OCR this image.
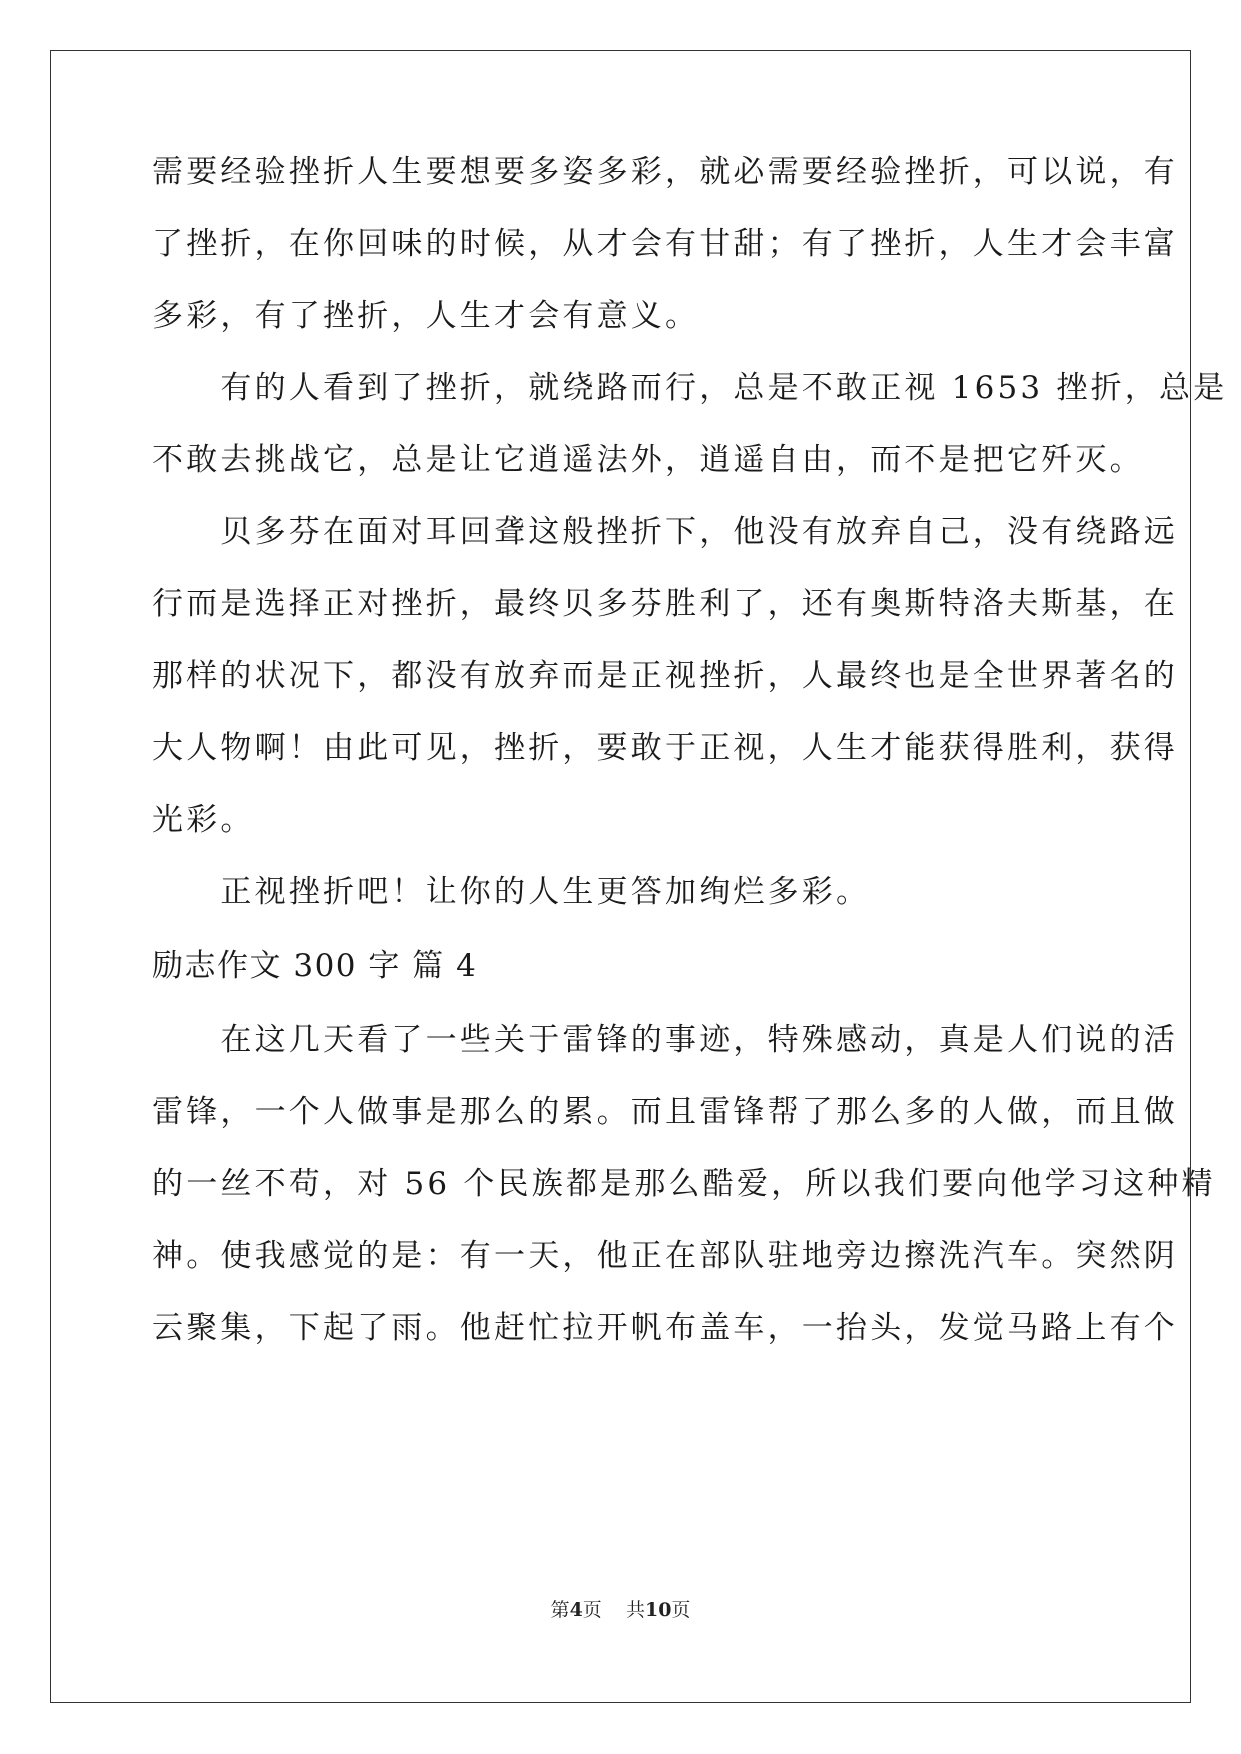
需要经验挫折人生要想要多姿多彩，就必需要经验挫折，可以说，有
了挫折，在你回味的时候，从才会有甘甜；有了挫折，人生才会丰富
多彩，有了挫折，人生才会有意义。
　　有的人看到了挫折，就绕路而行，总是不敢正视 1653 挫折，总是
不敢去挑战它，总是让它逍遥法外，逍遥自由，而不是把它歼灭。
　　贝多芬在面对耳回聋这般挫折下，他没有放弃自己，没有绕路远
行而是选择正对挫折，最终贝多芬胜利了，还有奥斯特洛夫斯基，在
那样的状况下，都没有放弃而是正视挫折，人最终也是全世界著名的
大人物啊！由此可见，挫折，要敢于正视，人生才能获得胜利，获得
光彩。
　　正视挫折吧！让你的人生更答加绚烂多彩。
励志作文 300 字 篇 4
　　在这几天看了一些关于雷锋的事迹，特殊感动，真是人们说的活
雷锋，一个人做事是那么的累。而且雷锋帮了那么多的人做，而且做
的一丝不苟，对 56 个民族都是那么酷爱，所以我们要向他学习这种精
神。使我感觉的是：有一天，他正在部队驻地旁边擦洗汽车。突然阴
云聚集，下起了雨。他赶忙拉开帆布盖车，一抬头，发觉马路上有个
第4页    共10页
